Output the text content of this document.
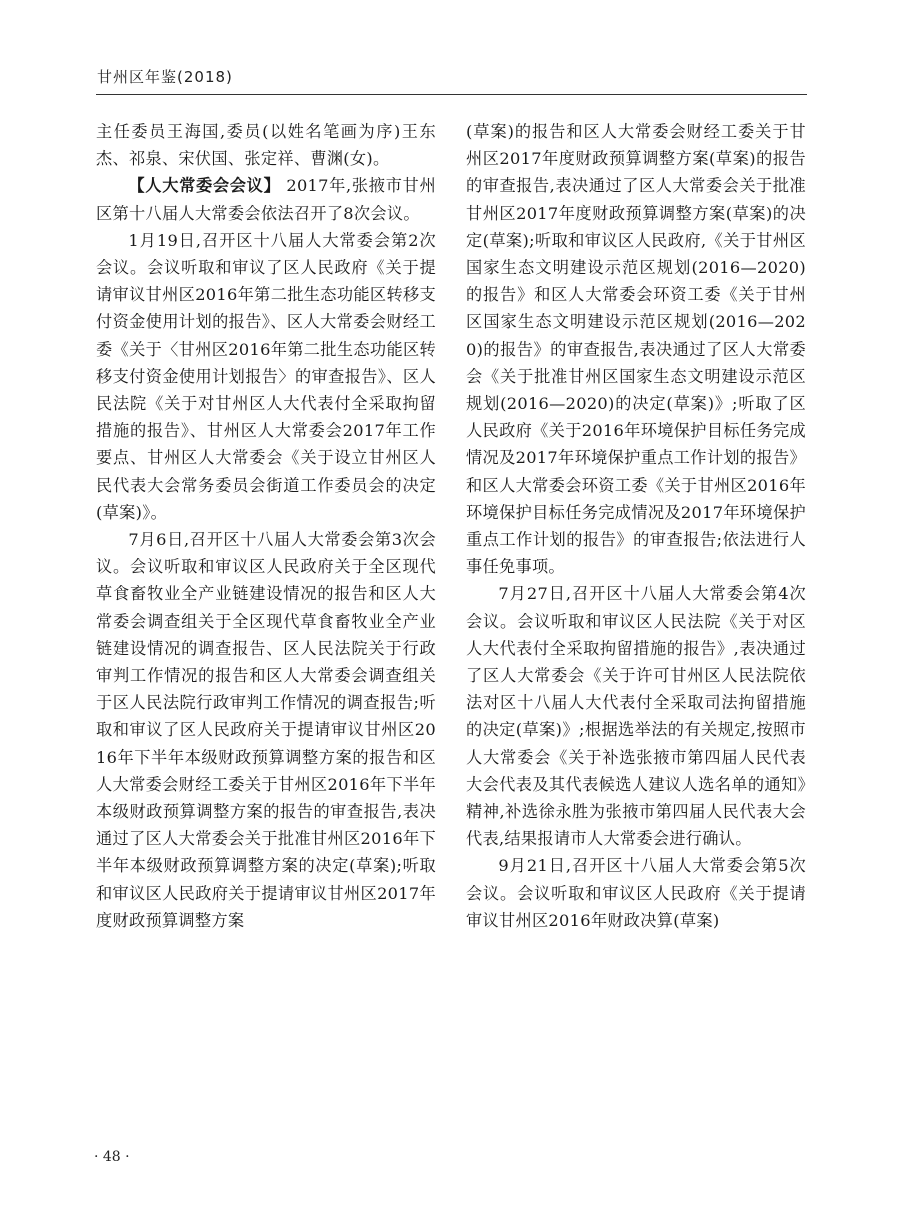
甘州区年鉴(2018)

主任委员王海国,委员(以姓名笔画为序)王东杰、祁泉、宋伏国、张定祥、曹渊(女)。

【人大常委会会议】 2017年,张掖市甘州区第十八届人大常委会依法召开了8次会议。

1月19日,召开区十八届人大常委会第2次会议。会议听取和审议了区人民政府《关于提请审议甘州区2016年第二批生态功能区转移支付资金使用计划的报告》、区人大常委会财经工委《关于〈甘州区2016年第二批生态功能区转移支付资金使用计划报告〉的审查报告》、区人民法院《关于对甘州区人大代表付全采取拘留措施的报告》、甘州区人大常委会2017年工作要点、甘州区人大常委会《关于设立甘州区人民代表大会常务委员会街道工作委员会的决定(草案)》。

7月6日,召开区十八届人大常委会第3次会议。会议听取和审议区人民政府关于全区现代草食畜牧业全产业链建设情况的报告和区人大常委会调查组关于全区现代草食畜牧业全产业链建设情况的调查报告、区人民法院关于行政审判工作情况的报告和区人大常委会调查组关于区人民法院行政审判工作情况的调查报告;听取和审议了区人民政府关于提请审议甘州区2016年下半年本级财政预算调整方案的报告和区人大常委会财经工委关于甘州区2016年下半年本级财政预算调整方案的报告的审查报告,表决通过了区人大常委会关于批准甘州区2016年下半年本级财政预算调整方案的决定(草案);听取和审议区人民政府关于提请审议甘州区2017年度财政预算调整方案

(草案)的报告和区人大常委会财经工委关于甘州区2017年度财政预算调整方案(草案)的报告的审查报告,表决通过了区人大常委会关于批准甘州区2017年度财政预算调整方案(草案)的决定(草案);听取和审议区人民政府,《关于甘州区国家生态文明建设示范区规划(2016—2020)的报告》和区人大常委会环资工委《关于甘州区国家生态文明建设示范区规划(2016—2020)的报告》的审查报告,表决通过了区人大常委会《关于批准甘州区国家生态文明建设示范区规划(2016—2020)的决定(草案)》;听取了区人民政府《关于2016年环境保护目标任务完成情况及2017年环境保护重点工作计划的报告》和区人大常委会环资工委《关于甘州区2016年环境保护目标任务完成情况及2017年环境保护重点工作计划的报告》的审查报告;依法进行人事任免事项。

7月27日,召开区十八届人大常委会第4次会议。会议听取和审议区人民法院《关于对区人大代表付全采取拘留措施的报告》,表决通过了区人大常委会《关于许可甘州区人民法院依法对区十八届人大代表付全采取司法拘留措施的决定(草案)》;根据选举法的有关规定,按照市人大常委会《关于补选张掖市第四届人民代表大会代表及其代表候选人建议人选名单的通知》精神,补选徐永胜为张掖市第四届人民代表大会代表,结果报请市人大常委会进行确认。

9月21日,召开区十八届人大常委会第5次会议。会议听取和审议区人民政府《关于提请审议甘州区2016年财政决算(草案)

· 48 ·
